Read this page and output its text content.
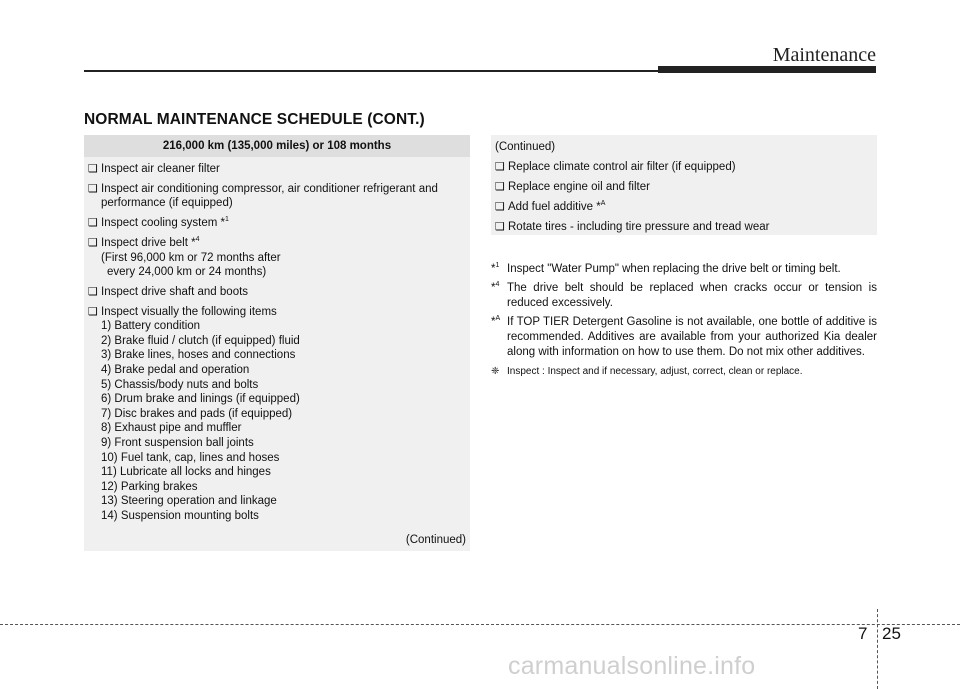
Maintenance
NORMAL MAINTENANCE SCHEDULE (CONT.)
216,000 km (135,000 miles) or 108 months
❑ Inspect air cleaner filter
❑ Inspect air conditioning compressor, air conditioner refrigerant and
performance (if equipped)
❑ Inspect cooling system *$^1$
❑ Inspect drive belt *$^4$
(First 96,000 km or 72 months after
every 24,000 km or 24 months)
❑ Inspect drive shaft and boots
❑ Inspect visually the following items
1) Battery condition
2) Brake fluid / clutch (if equipped) fluid
3) Brake lines, hoses and connections
4) Brake pedal and operation
5) Chassis/body nuts and bolts
6) Drum brake and linings (if equipped)
7) Disc brakes and pads (if equipped)
8) Exhaust pipe and muffler
9) Front suspension ball joints
10) Fuel tank, cap, lines and hoses
11) Lubricate all locks and hinges
12) Parking brakes
13) Steering operation and linkage
14) Suspension mounting bolts
(Continued)
(Continued)
❑ Replace climate control air filter (if equipped)
❑ Replace engine oil and filter
❑ Add fuel additive *$^A$
❑ Rotate tires - including tire pressure and tread wear
*$^1$ Inspect "Water Pump" when replacing the drive belt or timing belt.
*$^4$ The drive belt should be replaced when cracks occur or tension is reduced excessively.
*$^A$ If TOP TIER Detergent Gasoline is not available, one bottle of additive is recommended. Additives are available from your authorized Kia dealer along with information on how to use them. Do not mix other additives.
❈ Inspect : Inspect and if necessary, adjust, correct, clean or replace.
7 25
carmanualsonline.info
